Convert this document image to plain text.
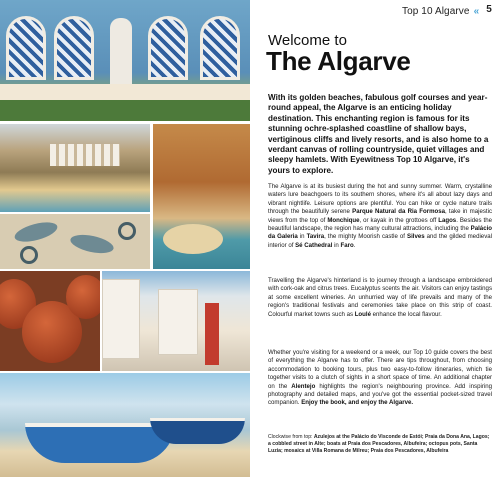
Top 10 Algarve « 5
Welcome to
The Algarve

With its golden beaches, fabulous golf courses and year-round appeal, the Algarve is an enticing holiday destination. This enchanting region is famous for its stunning ochre-splashed coastline of shallow bays, vertiginous cliffs and lively resorts, and is also home to a verdant canvas of rolling countryside, quiet villages and sleepy hamlets. With Eyewitness Top 10 Algarve, it's yours to explore.

The Algarve is at its busiest during the hot and sunny summer. Warm, crystalline waters lure beachgoers to its southern shores, where it's all about lazy days and vibrant nightlife. Leisure options are plentiful. You can hike or cycle nature trails through the beautifully serene Parque Natural da Ria Formosa, take in majestic views from the top of Monchique, or kayak in the grottoes off Lagos. Besides the beautiful landscape, the region has many cultural attractions, including the Palácio da Galeria in Tavira, the mighty Moorish castle of Silves and the gilded medieval interior of Sé Cathedral in Faro.

Travelling the Algarve's hinterland is to journey through a landscape embroidered with cork-oak and citrus trees. Eucalyptus scents the air. Visitors can enjoy tastings at some excellent wineries. An unhurried way of life prevails and many of the region's traditional festivals and ceremonies take place on this strip of coast. Colourful market towns such as Loulé enhance the local flavour.

Whether you're visiting for a weekend or a week, our Top 10 guide covers the best of everything the Algarve has to offer. There are tips throughout, from choosing accommodation to booking tours, plus two easy-to-follow itineraries, which tie together visits to a clutch of sights in a short space of time. An additional chapter on the Alentejo highlights the region's neighbouring province. Add inspiring photography and detailed maps, and you've got the essential pocket-sized travel companion. Enjoy the book, and enjoy the Algarve.

Clockwise from top: Azulejos at the Palácio do Visconde de Estói; Praia da Dona Ana, Lagos; a cobbled street in Alte; boats at Praia dos Pescadores, Albufeira; octopus pots, Santa Luzia; mosaics at Villa Romana de Milreu; Praia dos Pescadores, Albufeira
